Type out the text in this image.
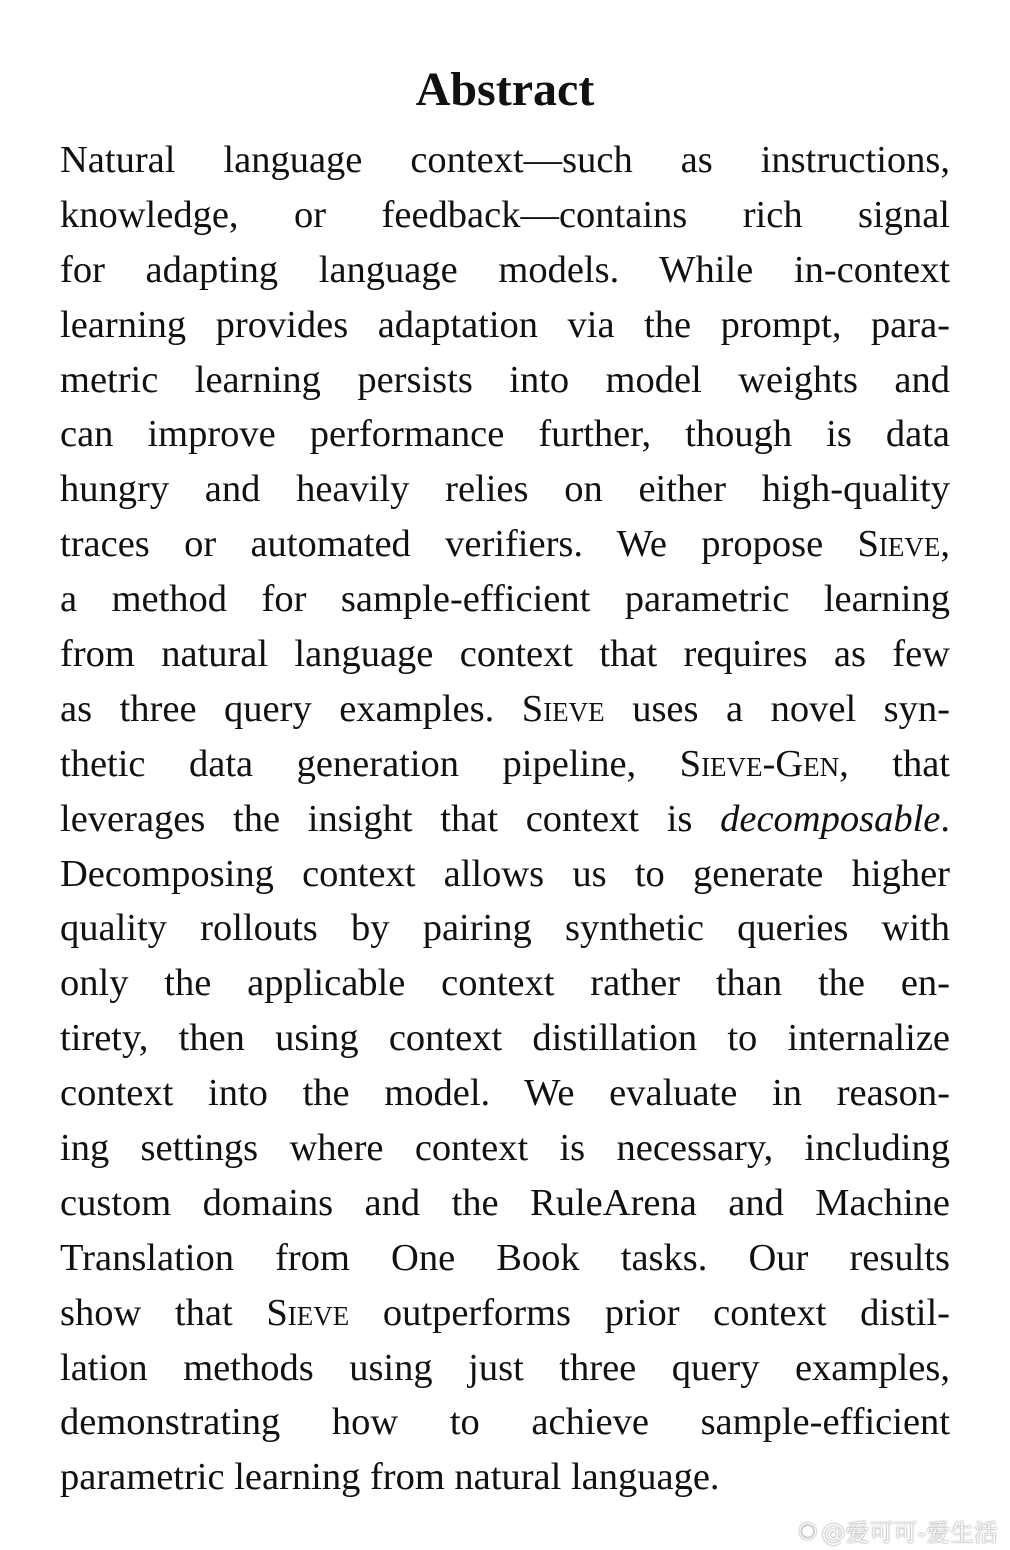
Abstract
Natural language context—such as instructions,
knowledge, or feedback—contains rich signal
for adapting language models. While in-context
learning provides adaptation via the prompt, para-
metric learning persists into model weights and
can improve performance further, though is data
hungry and heavily relies on either high-quality
traces or automated verifiers. We propose Sieve,
a method for sample-efficient parametric learning
from natural language context that requires as few
as three query examples. Sieve uses a novel syn-
thetic data generation pipeline, Sieve-Gen, that
leverages the insight that context is decomposable.
Decomposing context allows us to generate higher
quality rollouts by pairing synthetic queries with
only the applicable context rather than the en-
tirety, then using context distillation to internalize
context into the model. We evaluate in reason-
ing settings where context is necessary, including
custom domains and the RuleArena and Machine
Translation from One Book tasks. Our results
show that Sieve outperforms prior context distil-
lation methods using just three query examples,
demonstrating how to achieve sample-efficient
parametric learning from natural language.
◉ @爱可可-爱生活
